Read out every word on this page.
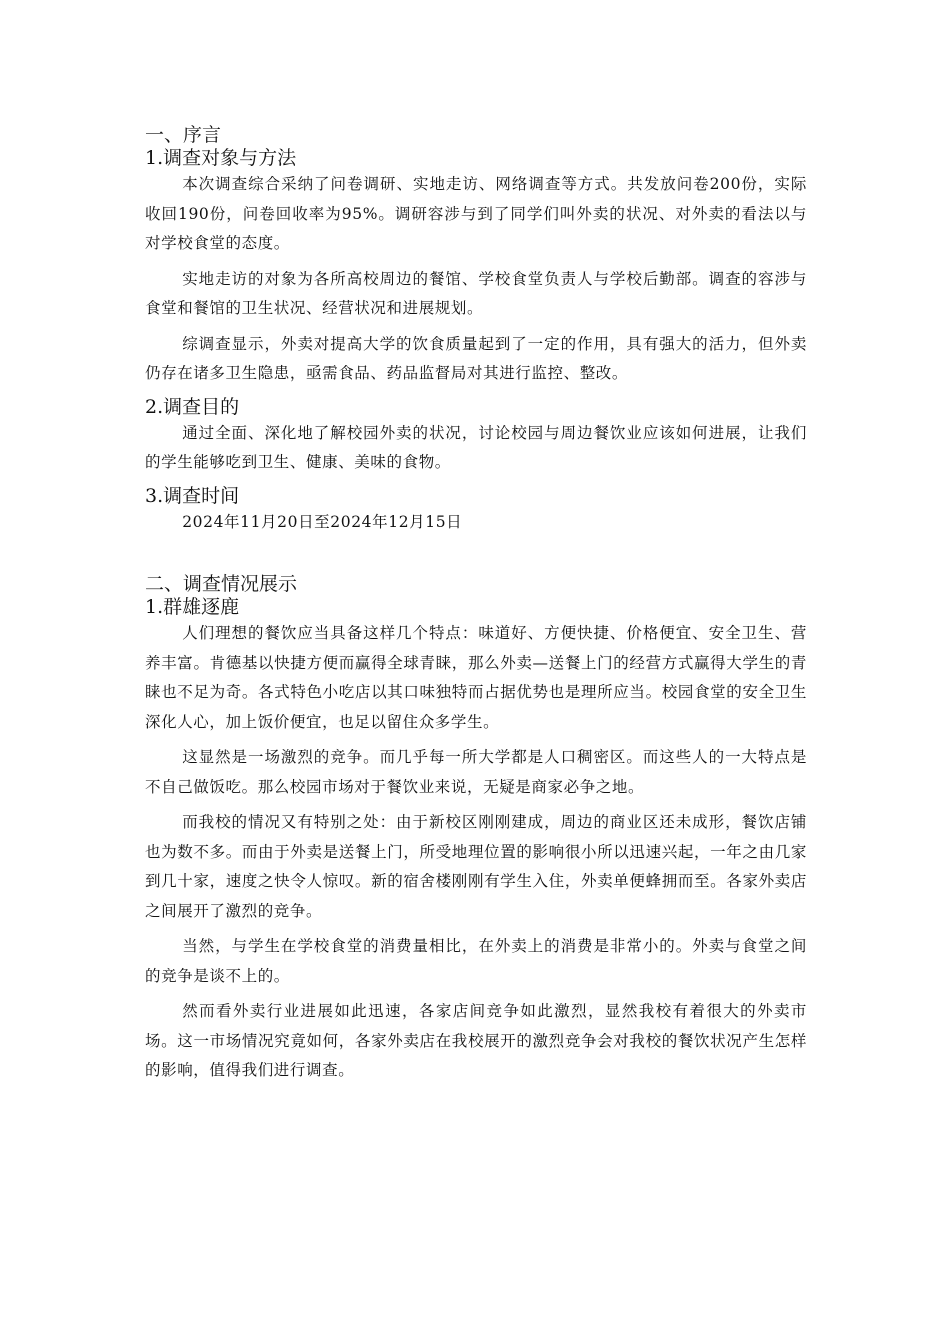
一、序言
1.调查对象与方法

本次调查综合采纳了问卷调研、实地走访、网络调查等方式。共发放问卷200份，实际收回190份，问卷回收率为95%。调研容涉与到了同学们叫外卖的状况、对外卖的看法以与对学校食堂的态度。

实地走访的对象为各所高校周边的餐馆、学校食堂负责人与学校后勤部。调查的容涉与食堂和餐馆的卫生状况、经营状况和进展规划。

综调查显示，外卖对提高大学的饮食质量起到了一定的作用，具有强大的活力，但外卖仍存在诸多卫生隐患，亟需食品、药品监督局对其进行监控、整改。

2.调查目的

通过全面、深化地了解校园外卖的状况，讨论校园与周边餐饮业应该如何进展，让我们的学生能够吃到卫生、健康、美味的食物。

3.调查时间

2024年11月20日至2024年12月15日

二、调查情况展示
1.群雄逐鹿

人们理想的餐饮应当具备这样几个特点：味道好、方便快捷、价格便宜、安全卫生、营养丰富。肯德基以快捷方便而赢得全球青睐，那么外卖—送餐上门的经营方式赢得大学生的青睐也不足为奇。各式特色小吃店以其口味独特而占据优势也是理所应当。校园食堂的安全卫生深化人心，加上饭价便宜，也足以留住众多学生。

这显然是一场激烈的竞争。而几乎每一所大学都是人口稠密区。而这些人的一大特点是不自己做饭吃。那么校园市场对于餐饮业来说，无疑是商家必争之地。

而我校的情况又有特别之处：由于新校区刚刚建成，周边的商业区还未成形，餐饮店铺也为数不多。而由于外卖是送餐上门，所受地理位置的影响很小所以迅速兴起，一年之由几家到几十家，速度之快令人惊叹。新的宿舍楼刚刚有学生入住，外卖单便蜂拥而至。各家外卖店之间展开了激烈的竞争。

当然，与学生在学校食堂的消费量相比，在外卖上的消费是非常小的。外卖与食堂之间的竞争是谈不上的。

然而看外卖行业进展如此迅速，各家店间竞争如此激烈，显然我校有着很大的外卖市场。这一市场情况究竟如何，各家外卖店在我校展开的激烈竞争会对我校的餐饮状况产生怎样的影响，值得我们进行调查。
